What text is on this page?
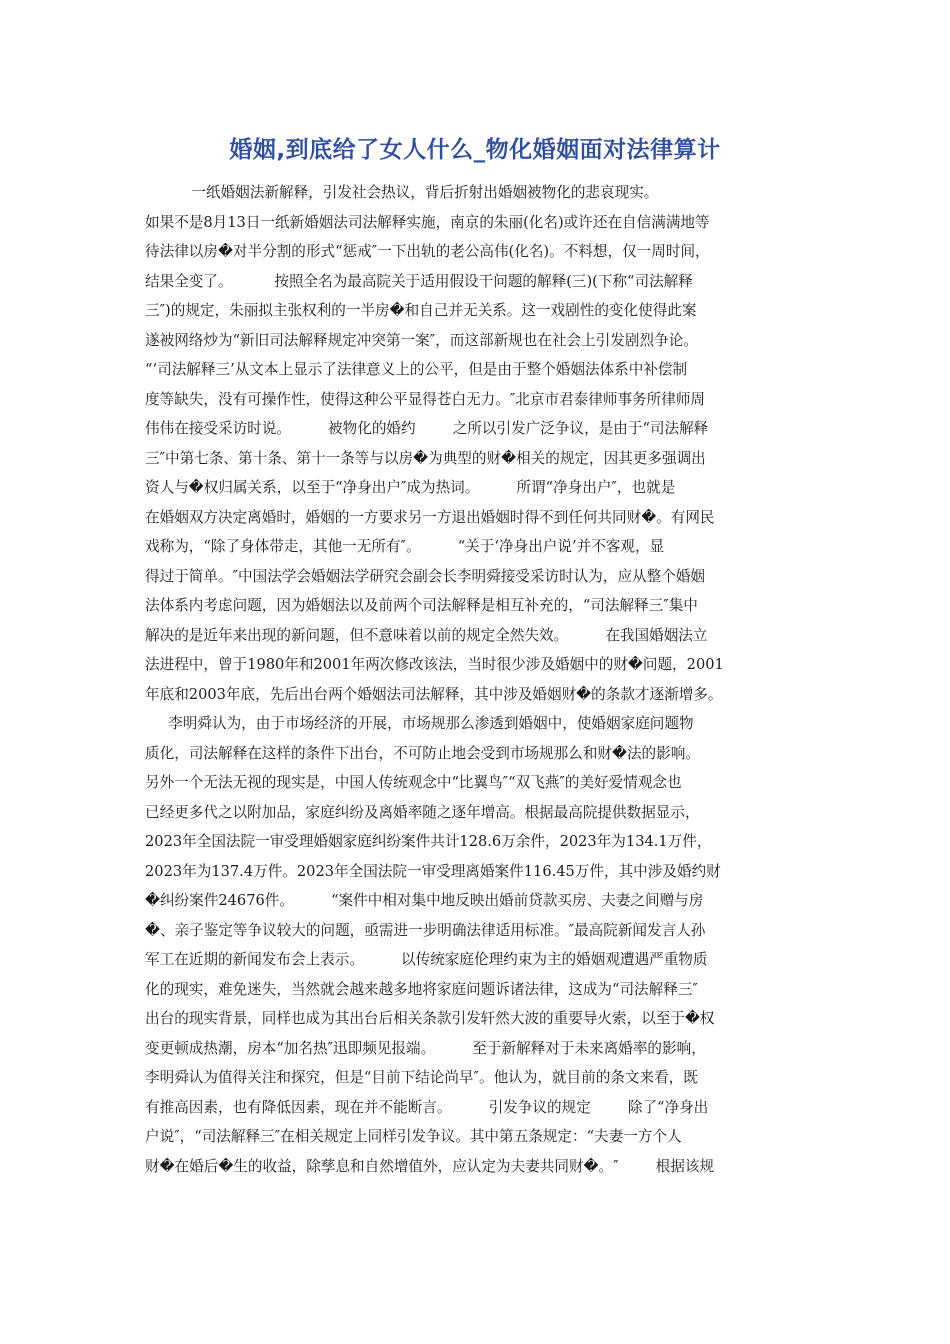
婚姻,到底给了女人什么_物化婚姻面对法律算计
一纸婚姻法新解释，引发社会热议，背后折射出婚姻被物化的悲哀现实。
如果不是8月13日一纸新婚姻法司法解释实施，南京的朱丽(化名)或许还在自信满满地等
待法律以房�对半分割的形式“惩戒″一下出轨的老公高伟(化名)。不料想，仅一周时间，
结果全变了。         按照全名为最高院关于适用假设干问题的解释(三)(下称“司法解释
三″)的规定，朱丽拟主张权利的一半房�和自己并无关系。这一戏剧性的变化使得此案
遂被网络炒为“新旧司法解释规定冲突第一案″，而这部新规也在社会上引发剧烈争论。
“‘司法解释三’从文本上显示了法律意义上的公平，但是由于整个婚姻法体系中补偿制
度等缺失，没有可操作性，使得这种公平显得苍白无力。″北京市君泰律师事务所律师周
伟伟在接受采访时说。        被物化的婚约        之所以引发广泛争议，是由于“司法解释
三″中第七条、第十条、第十一条等与以房�为典型的财�相关的规定，因其更多强调出
资人与�权归属关系，以至于“净身出户″成为热词。        所谓“净身出户″，也就是
在婚姻双方决定离婚时，婚姻的一方要求另一方退出婚姻时得不到任何共同财�。有网民
戏称为，“除了身体带走，其他一无所有″。        “关于‘净身出户说’并不客观，显
得过于简单。″中国法学会婚姻法学研究会副会长李明舜接受采访时认为，应从整个婚姻
法体系内考虑问题，因为婚姻法以及前两个司法解释是相互补充的，“司法解释三″集中
解决的是近年来出现的新问题，但不意味着以前的规定全然失效。        在我国婚姻法立
法进程中，曾于1980年和2001年两次修改该法，当时很少涉及婚姻中的财�问题，2001
年底和2003年底，先后出台两个婚姻法司法解释，其中涉及婚姻财�的条款才逐渐增多。
李明舜认为，由于市场经济的开展，市场规那么渗透到婚姻中，使婚姻家庭问题物
质化，司法解释在这样的条件下出台，不可防止地会受到市场规那么和财�法的影响。
另外一个无法无视的现实是，中国人传统观念中“比翼鸟″“双飞燕″的美好爱情观念也
已经更多代之以附加品，家庭纠纷及离婚率随之逐年增高。根据最高院提供数据显示，
2023年全国法院一审受理婚姻家庭纠纷案件共计128.6万余件，2023年为134.1万件，
2023年为137.4万件。2023年全国法院一审受理离婚案件116.45万件，其中涉及婚约财
�纠纷案件24676件。        “案件中相对集中地反映出婚前贷款买房、夫妻之间赠与房
�、亲子鉴定等争议较大的问题，亟需进一步明确法律适用标准。″最高院新闻发言人孙
军工在近期的新闻发布会上表示。        以传统家庭伦理约束为主的婚姻观遭遇严重物质
化的现实，难免迷失，当然就会越来越多地将家庭问题诉诸法律，这成为“司法解释三″
出台的现实背景，同样也成为其出台后相关条款引发轩然大波的重要导火索，以至于�权
变更顿成热潮，房本“加名热″迅即频见报端。        至于新解释对于未来离婚率的影响，
李明舜认为值得关注和探究，但是“目前下结论尚早″。他认为，就目前的条文来看，既
有推高因素，也有降低因素，现在并不能断言。        引发争议的规定        除了“净身出
户说″，“司法解释三″在相关规定上同样引发争议。其中第五条规定：“夫妻一方个人
财�在婚后�生的收益，除孳息和自然增值外，应认定为夫妻共同财�。″        根据该规
